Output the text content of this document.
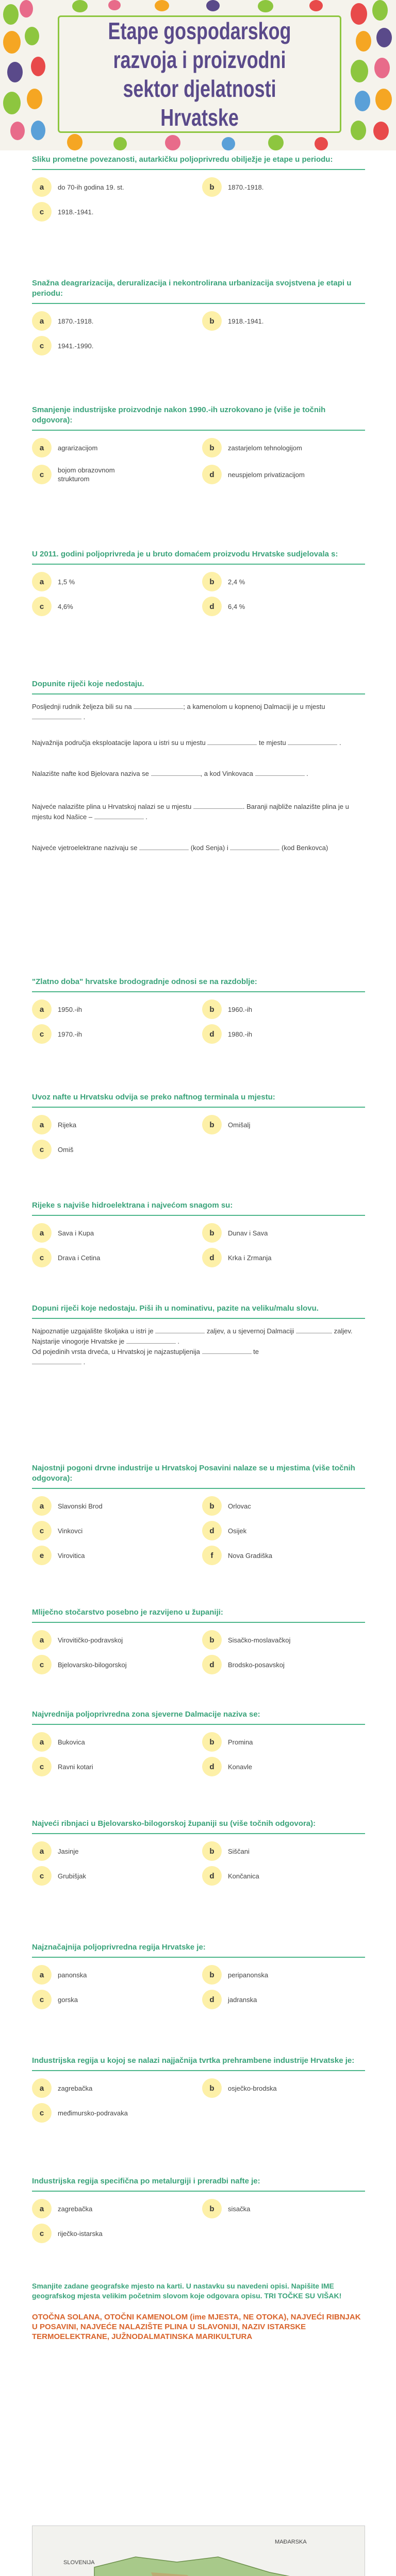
Etape gospodarskog razvoja i proizvodni sektor djelatnosti Hrvatske

Sliku prometne povezanosti, autarkičku poljoprivredu obilježje je etape u periodu:

a	do 70-ih godina 19. st.	b	1870.-1918.
c	1918.-1941.

Snažna deagrarizacija, deruralizacija i nekontrolirana urbanizacija svojstvena je etapi u periodu:

a	1870.-1918.	b	1918.-1941.
c	1941.-1990.

Smanjenje industrijske proizvodnje nakon 1990.-ih uzrokovano je (više je točnih odgovora):

a	agrarizacijom	b	zastarjelom tehnologijom
c	bojom obrazovnom strukturom	d	neuspjelom privatizacijom

U 2011. godini poljoprivreda je u bruto domaćem proizvodu Hrvatske sudjelovala s:

a	1,5 %	b	2,4 %
c	4,6%	d	6,4 %

Dopunite riječi koje nedostaju.

Posljednji rudnik željeza bili su na	; a kamenolom u kopnenoj Dalmaciji je u mjestu  .

Najvažnija područja eksploatacije lapora u istri su u mjestu	te mjestu	.

Nalazište nafte kod Bjelovara naziva se	, a kod Vinkovaca	.

Najveće nalazište plina u Hrvatskoj nalazi se u mjestu	. Baranji najbliže nalazište plina je u mjestu kod Našice –	.

Najveće vjetroelektrane nazivaju se	(kod Senja) i	(kod Benkovca)

"Zlatno doba" hrvatske brodogradnje odnosi se na razdoblje:

a	1950.-ih	b	1960.-ih
c	1970.-ih	d	1980.-ih

Uvoz nafte u Hrvatsku odvija se preko naftnog terminala u mjestu:

a	Rijeka	b	Omišalj
c	Omiš

Rijeke s najviše hidroelektrana i najvećom snagom su:

a	Sava i Kupa	b	Dunav i Sava
c	Drava i Cetina	d	Krka i Zrmanja

Dopuni riječi koje nedostaju. Piši ih u nominativu, pazite na veliku/malu slovu.

Najpoznatije uzgajalište školjaka u istri je	zaljev, a u sjevernoj Dalmaciji	zaljev.

Najstarije vinogorje Hrvatske je	.

Od pojedinih vrsta drveća, u Hrvatskoj je najzastupljenija	te

.

Najostnji pogoni drvne industrije u Hrvatskoj Posavini nalaze se u mjestima (više točnih odgovora):

a	Slavonski Brod	b	Orlovac
c	Vinkovci	d	Osijek
e	Virovitica	f	Nova Gradiška

Mliječno stočarstvo posebno je razvijeno u županiji:

a	Virovitičko-podravskoj	b	Sisačko-moslavačkoj
c	Bjelovarsko-bilogorskoj	d	Brodsko-posavskoj

Najvrednija poljoprivredna zona sjeverne Dalmacije naziva se:

a	Bukovica	b	Promina
c	Ravni kotari	d	Konavle

Najveći ribnjaci u Bjelovarsko-bilogorskoj županiji su (više točnih odgovora):

a	Jasinje	b	Siščani
c	Grubišjak	d	Končanica

Najznačajnija poljoprivredna regija Hrvatske je:

a	panonska	b	peripanonska
c	gorska	d	jadranska

Industrijska regija u kojoj se nalazi najjačnija tvrtka prehrambene industrije Hrvatske je:

a	zagrebačka	b	osječko-brodska
c	međimursko-podravaka

Industrijska regija specifična po metalurgiji i preradbi nafte je:

a	zagrebačka	b	sisačka
c	riječko-istarska

Smanjite zadane geografske mjesto na karti. U nastavku su navedeni opisi. Napišite IME geografskog mjesta velikim početnim slovom koje odgovara opisu. TRI TOČKE SU VIŠAK!

OTOČNA SOLANA, OTOČNI KAMENOLOM (ime MJESTA, NE OTOKA), NAJVEĆI RIBNJAK U POSAVINI, NAJVEĆE NALAZIŠTE PLINA U SLAVONIJI, NAZIV ISTARSKE TERMOELEKTRANE, JUŽNODALMATINSKA MARIKULTURA

MAĐARSKA
SLOVENIJA
